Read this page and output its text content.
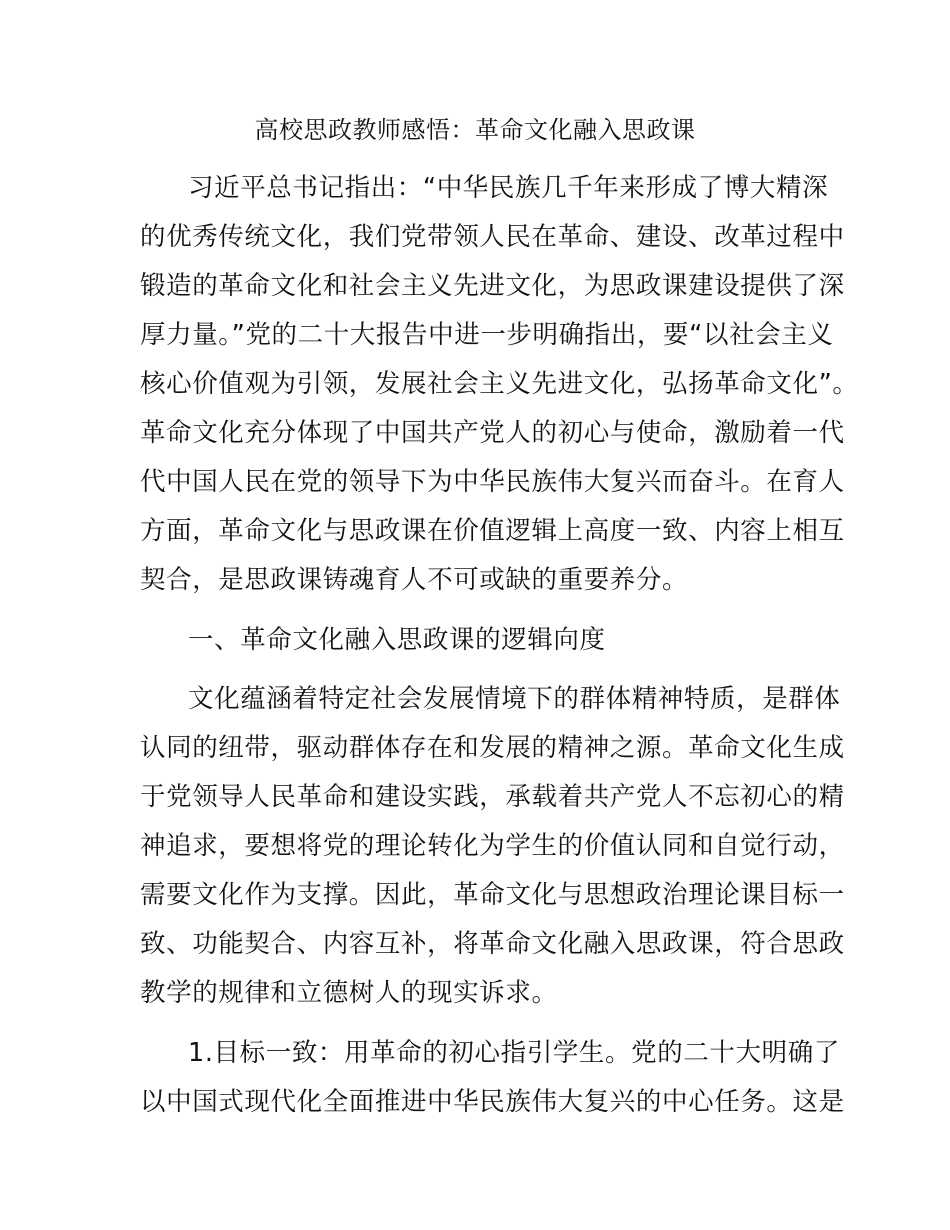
高校思政教师感悟：革命文化融入思政课
习近平总书记指出：“中华民族几千年来形成了博大精深
的优秀传统文化，我们党带领人民在革命、建设、改革过程中
锻造的革命文化和社会主义先进文化，为思政课建设提供了深
厚力量。”党的二十大报告中进一步明确指出，要“以社会主义
核心价值观为引领，发展社会主义先进文化，弘扬革命文化”。
革命文化充分体现了中国共产党人的初心与使命，激励着一代
代中国人民在党的领导下为中华民族伟大复兴而奋斗。在育人
方面，革命文化与思政课在价值逻辑上高度一致、内容上相互
契合，是思政课铸魂育人不可或缺的重要养分。
一、革命文化融入思政课的逻辑向度
文化蕴涵着特定社会发展情境下的群体精神特质，是群体
认同的纽带，驱动群体存在和发展的精神之源。革命文化生成
于党领导人民革命和建设实践，承载着共产党人不忘初心的精
神追求，要想将党的理论转化为学生的价值认同和自觉行动，
需要文化作为支撑。因此，革命文化与思想政治理论课目标一
致、功能契合、内容互补，将革命文化融入思政课，符合思政
教学的规律和立德树人的现实诉求。
1.目标一致：用革命的初心指引学生。党的二十大明确了
以中国式现代化全面推进中华民族伟大复兴的中心任务。这是
